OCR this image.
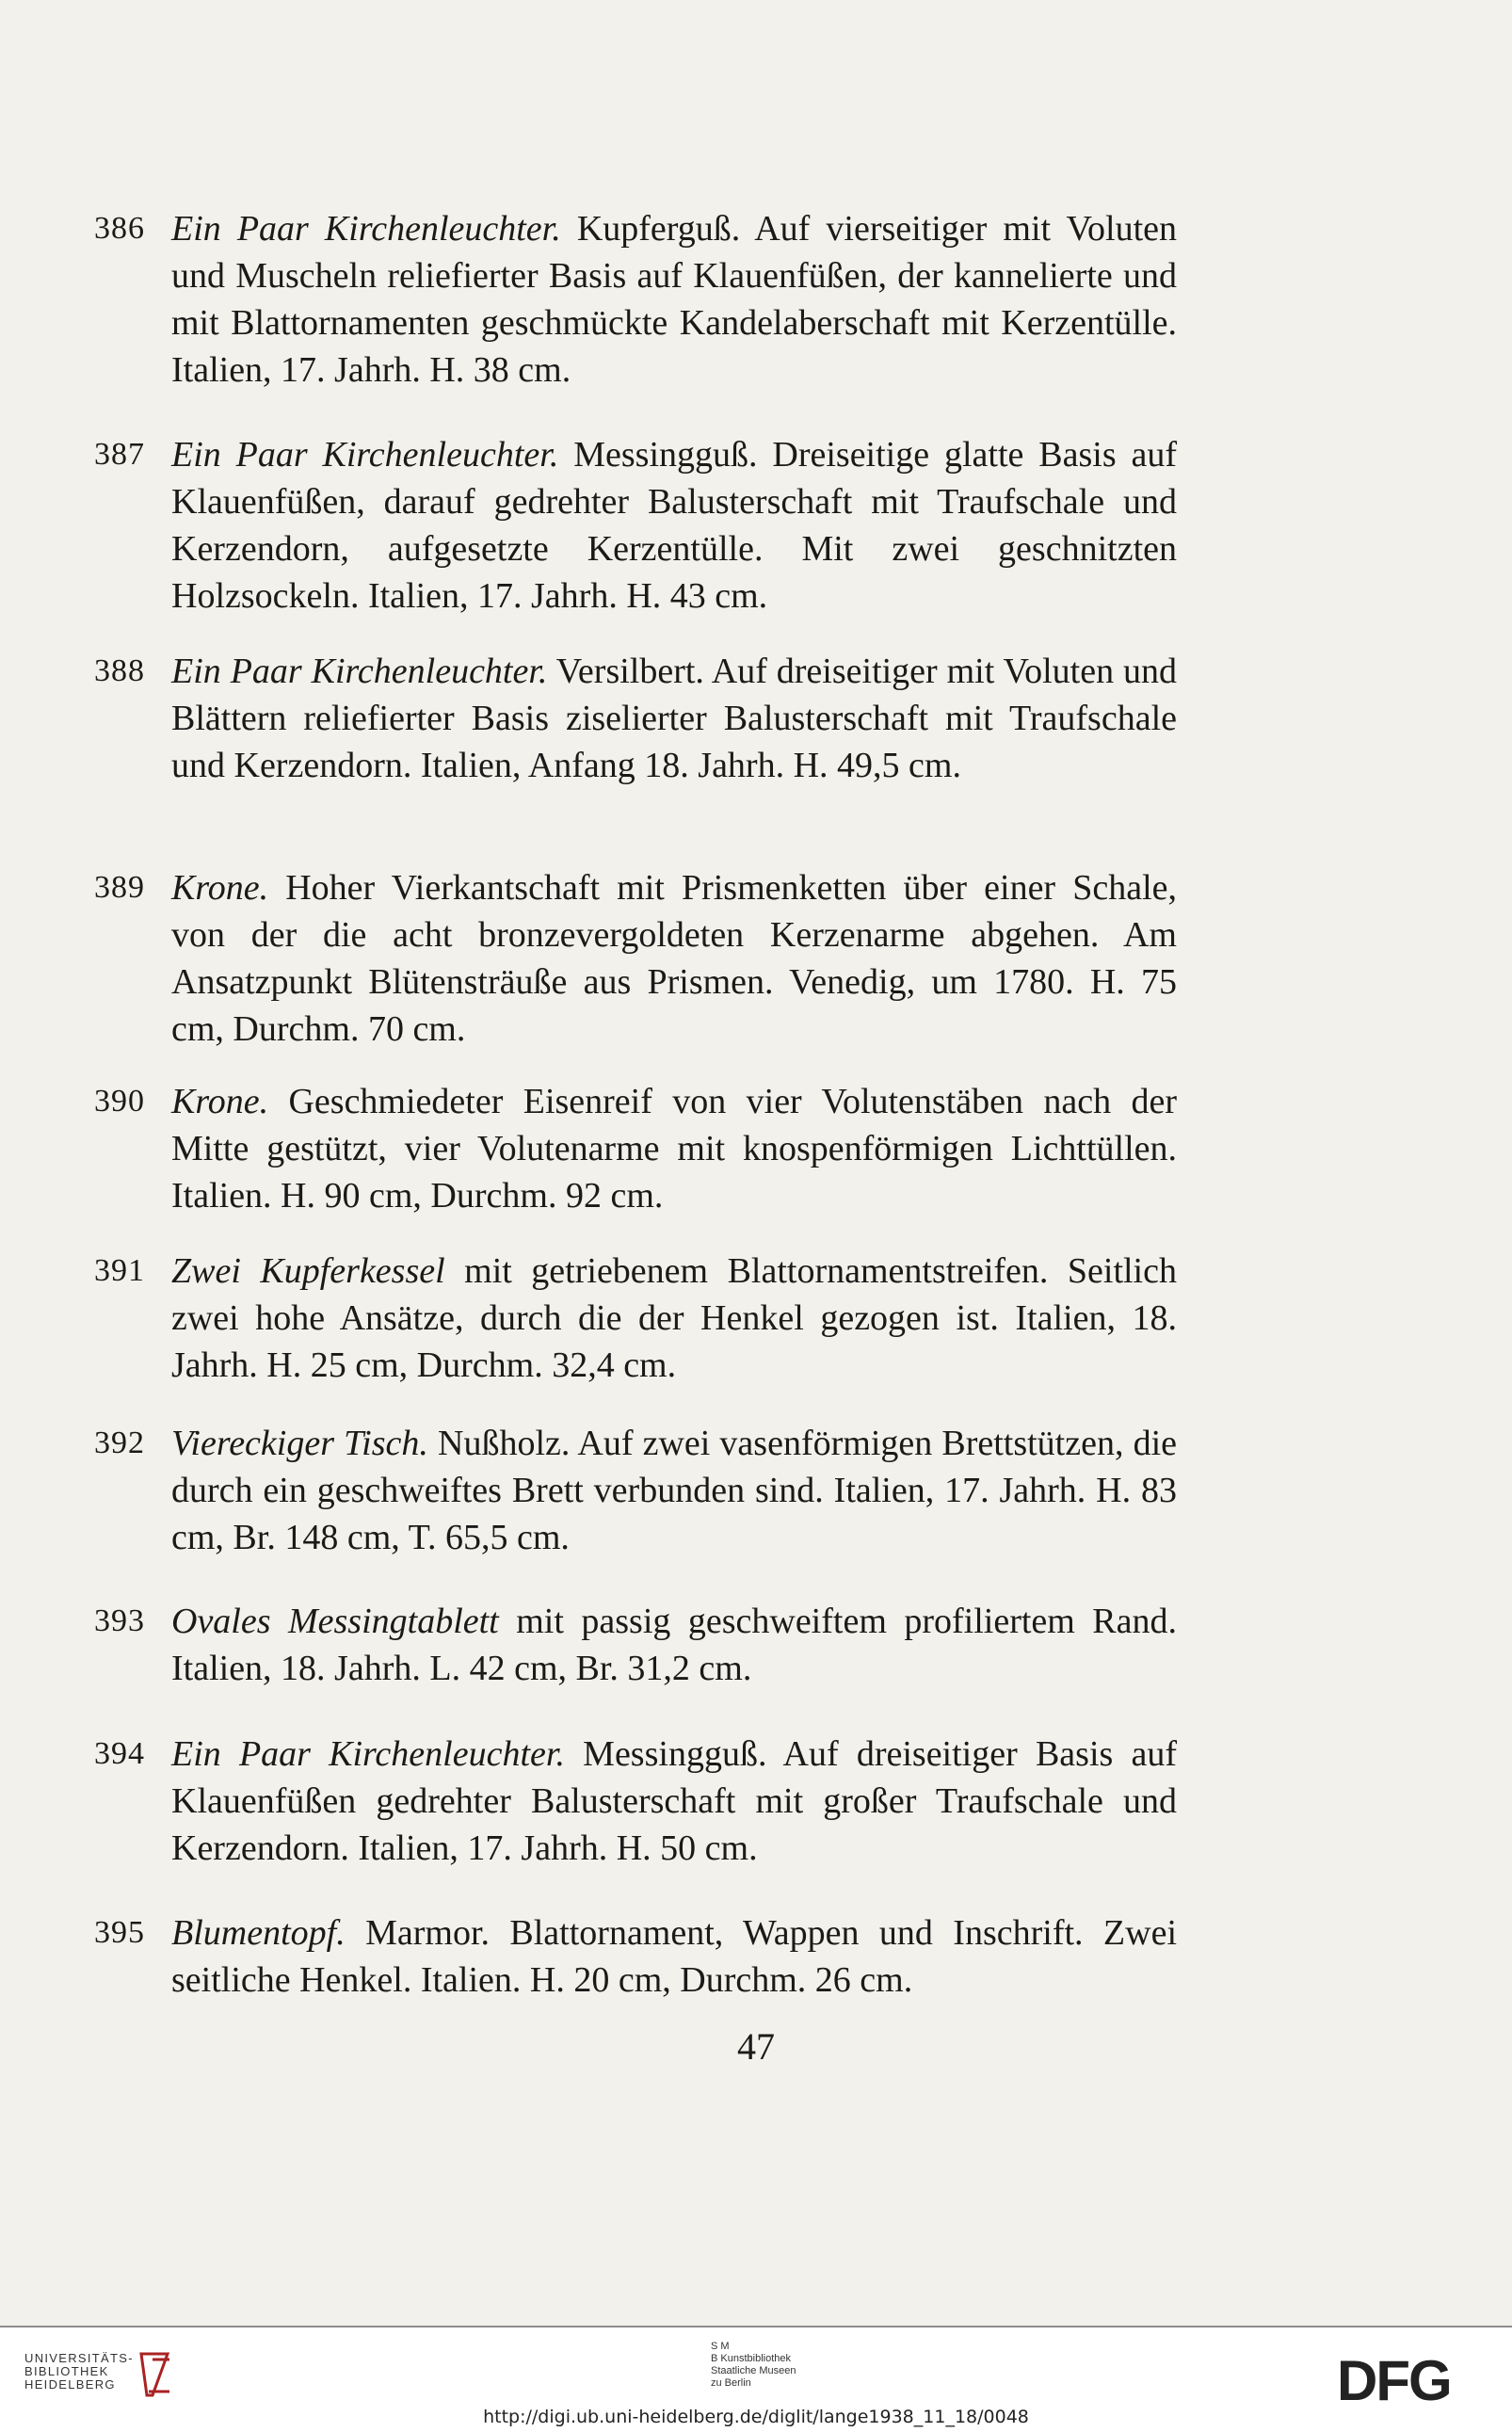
386 Ein Paar Kirchenleuchter. Kupferguß. Auf vierseitiger mit Voluten und Muscheln reliefierter Basis auf Klauenfüßen, der kannelierte und mit Blattornamenten geschmückte Kandelaberschaft mit Kerzentülle. Italien, 17. Jahrh. H. 38 cm.
387 Ein Paar Kirchenleuchter. Messingguß. Dreiseitige glatte Basis auf Klauenfüßen, darauf gedrehter Balusterschaft mit Traufschale und Kerzendorn, aufgesetzte Kerzentülle. Mit zwei geschnitzten Holzsockeln. Italien, 17. Jahrh. H. 43 cm.
388 Ein Paar Kirchenleuchter. Versilbert. Auf dreiseitiger mit Voluten und Blättern reliefierter Basis ziselierter Balusterschaft mit Traufschale und Kerzendorn. Italien, Anfang 18. Jahrh. H. 49,5 cm.
389 Krone. Hoher Vierkantschaft mit Prismenketten über einer Schale, von der die acht bronzevergoldeten Kerzenarme abgehen. Am Ansatzpunkt Blütensträuße aus Prismen. Venedig, um 1780. H. 75 cm, Durchm. 70 cm.
390 Krone. Geschmiedeter Eisenreif von vier Volutenstäben nach der Mitte gestützt, vier Volutenarme mit knospenförmigen Lichttüllen. Italien. H. 90 cm, Durchm. 92 cm.
391 Zwei Kupferkessel mit getriebenem Blattornamentstreifen. Seitlich zwei hohe Ansätze, durch die der Henkel gezogen ist. Italien, 18. Jahrh. H. 25 cm, Durchm. 32,4 cm.
392 Viereckiger Tisch. Nußholz. Auf zwei vasenförmigen Brettstützen, die durch ein geschweiftes Brett verbunden sind. Italien, 17. Jahrh. H. 83 cm, Br. 148 cm, T. 65,5 cm.
393 Ovales Messingtablett mit passig geschweiftem profiliertem Rand. Italien, 18. Jahrh. L. 42 cm, Br. 31,2 cm.
394 Ein Paar Kirchenleuchter. Messingguß. Auf dreiseitiger Basis auf Klauenfüßen gedrehter Balusterschaft mit großer Traufschale und Kerzendorn. Italien, 17. Jahrh. H. 50 cm.
395 Blumentopf. Marmor. Blattornament, Wappen und Inschrift. Zwei seitliche Henkel. Italien. H. 20 cm, Durchm. 26 cm.
47
UNIVERSITÄTS-
BIBLIOTHEK
HEIDELBERG
S M
B Kunstbibliothek
Staatliche Museen
zu Berlin	DFG
http://digi.ub.uni-heidelberg.de/diglit/lange1938_11_18/0048
